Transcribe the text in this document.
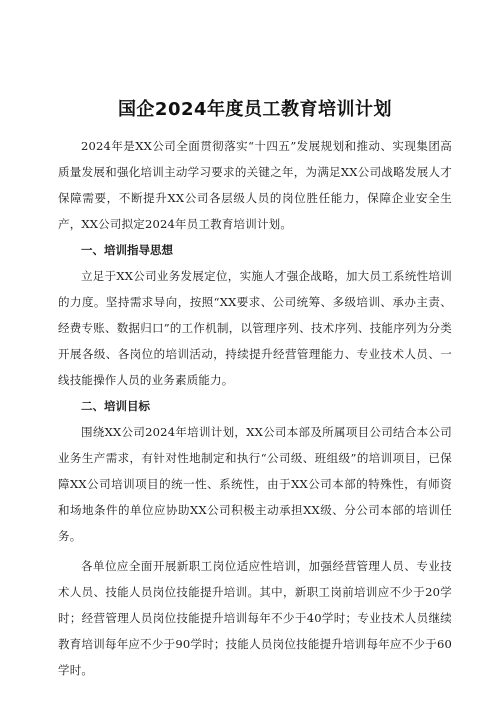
国企2024年度员工教育培训计划

2024年是XX公司全面贯彻落实“十四五”发展规划和推动、实现集团高质量发展和强化培训主动学习要求的关键之年，为满足XX公司战略发展人才保障需要，不断提升XX公司各层级人员的岗位胜任能力，保障企业安全生产，XX公司拟定2024年员工教育培训计划。

一、培训指导思想

立足于XX公司业务发展定位，实施人才强企战略，加大员工系统性培训的力度。坚持需求导向，按照“XX要求、公司统筹、多级培训、承办主责、经费专账、数据归口”的工作机制，以管理序列、技术序列、技能序列为分类开展各级、各岗位的培训活动，持续提升经营管理能力、专业技术人员、一线技能操作人员的业务素质能力。

二、培训目标

围绕XX公司2024年培训计划，XX公司本部及所属项目公司结合本公司业务生产需求，有针对性地制定和执行“公司级、班组级”的培训项目，已保障XX公司培训项目的统一性、系统性，由于XX公司本部的特殊性，有师资和场地条件的单位应协助XX公司积极主动承担XX级、分公司本部的培训任务。

各单位应全面开展新职工岗位适应性培训，加强经营管理人员、专业技术人员、技能人员岗位技能提升培训。其中，新职工岗前培训应不少于20学时；经营管理人员岗位技能提升培训每年不少于40学时；专业技术人员继续教育培训每年应不少于90学时；技能人员岗位技能提升培训每年应不少于60学时。
